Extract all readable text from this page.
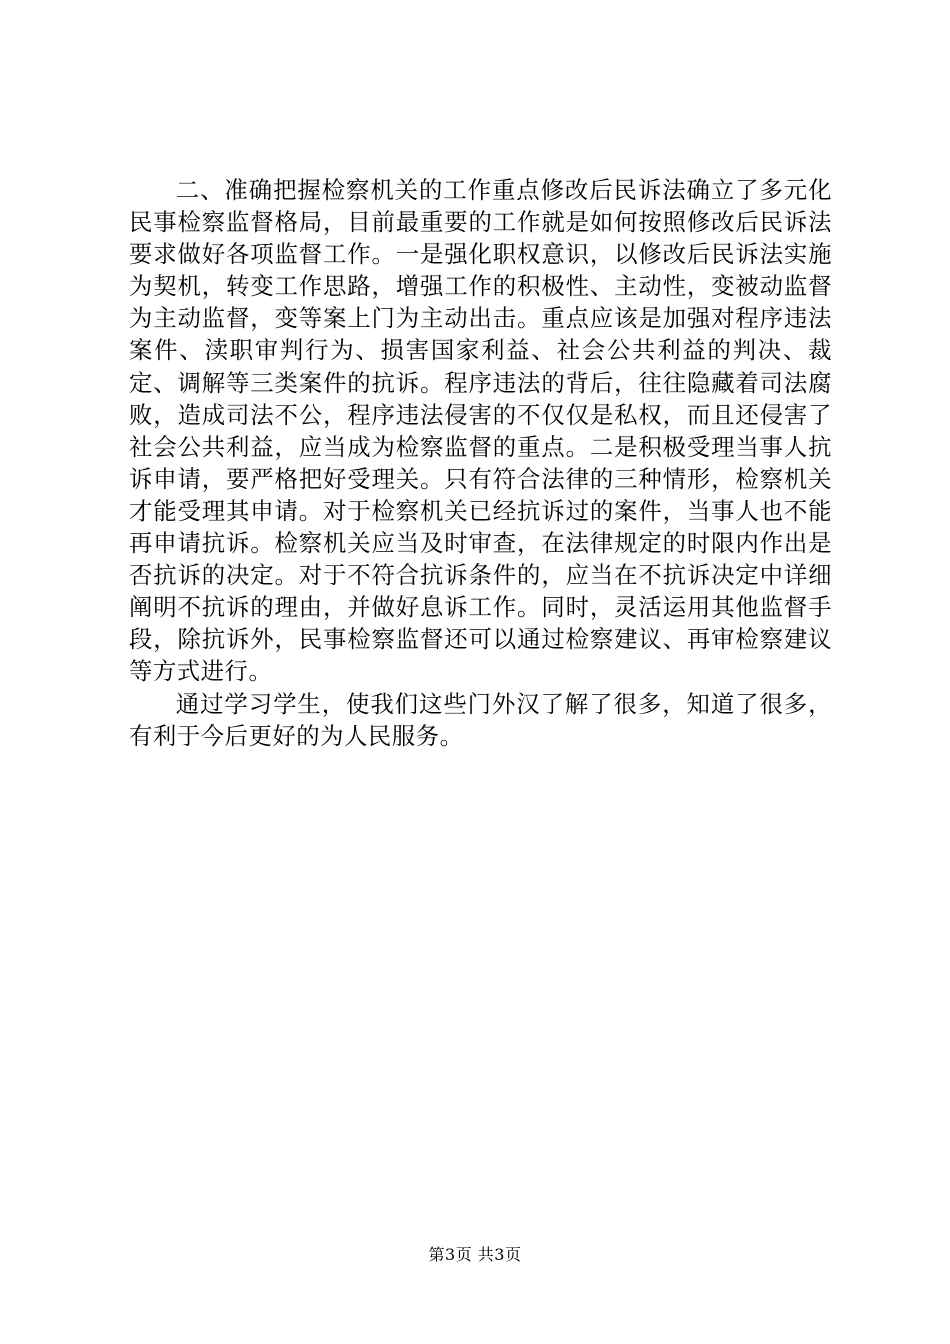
二、准确把握检察机关的工作重点修改后民诉法确立了多元化民事检察监督格局，目前最重要的工作就是如何按照修改后民诉法要求做好各项监督工作。一是强化职权意识，以修改后民诉法实施为契机，转变工作思路，增强工作的积极性、主动性，变被动监督为主动监督，变等案上门为主动出击。重点应该是加强对程序违法案件、渎职审判行为、损害国家利益、社会公共利益的判决、裁定、调解等三类案件的抗诉。程序违法的背后，往往隐藏着司法腐败，造成司法不公，程序违法侵害的不仅仅是私权，而且还侵害了社会公共利益，应当成为检察监督的重点。二是积极受理当事人抗诉申请，要严格把好受理关。只有符合法律的三种情形，检察机关才能受理其申请。对于检察机关已经抗诉过的案件，当事人也不能再申请抗诉。检察机关应当及时审查，在法律规定的时限内作出是否抗诉的决定。对于不符合抗诉条件的，应当在不抗诉决定中详细阐明不抗诉的理由，并做好息诉工作。同时，灵活运用其他监督手段，除抗诉外，民事检察监督还可以通过检察建议、再审检察建议等方式进行。

通过学习学生，使我们这些门外汉了解了很多，知道了很多，有利于今后更好的为人民服务。

第3页 共3页
